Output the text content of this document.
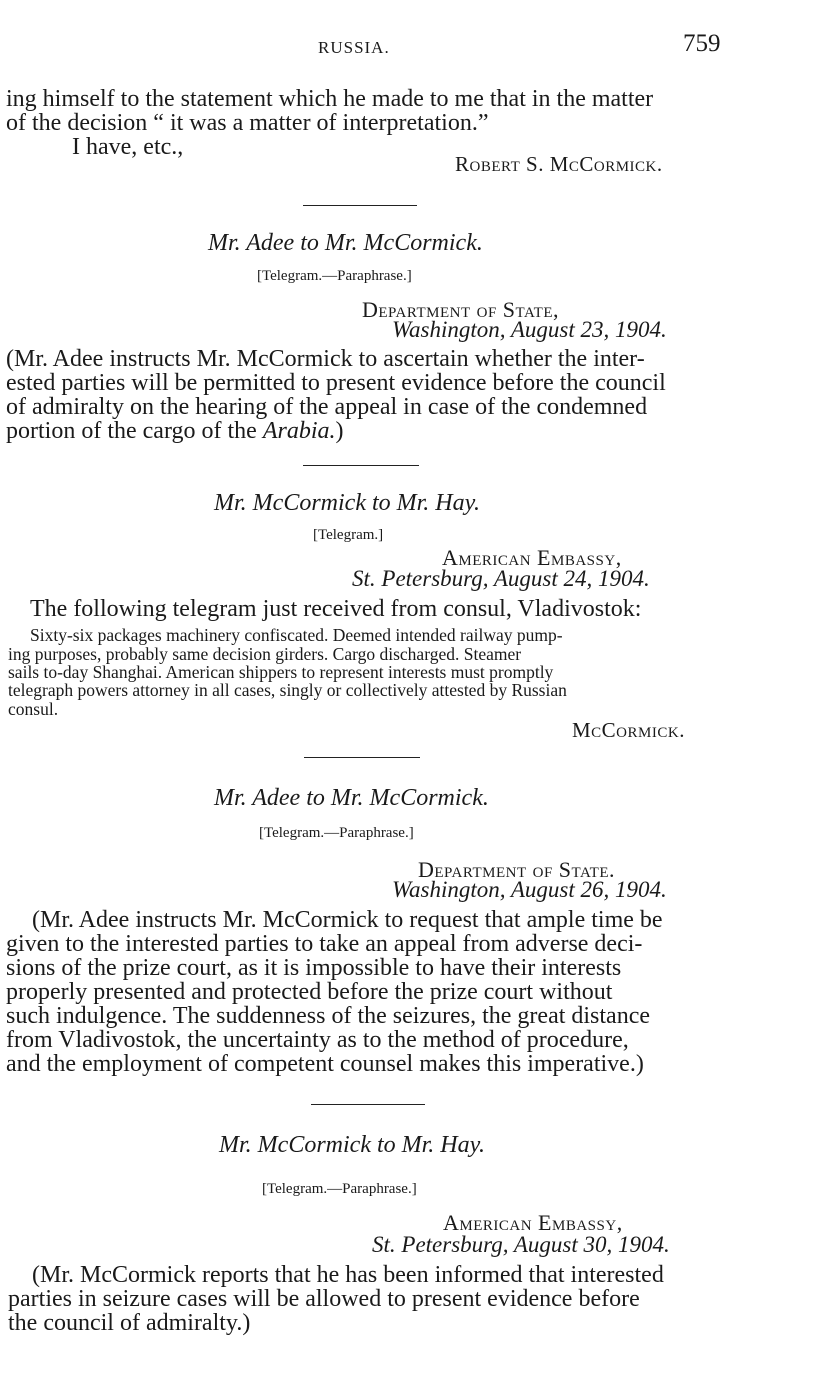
RUSSIA.	759
ing himself to the statement which he made to me that in the matter
of the decision “ it was a matter of interpretation.”
I have, etc.,
Robert S. McCormick.
Mr. Adee to Mr. McCormick.
[Telegram.—Paraphrase.]
Department of State,
Washington, August 23, 1904.
(Mr. Adee instructs Mr. McCormick to ascertain whether the inter-
ested parties will be permitted to present evidence before the council
of admiralty on the hearing of the appeal in case of the condemned
portion of the cargo of the Arabia.)
Mr. McCormick to Mr. Hay.
[Telegram.]
American Embassy,
St. Petersburg, August 24, 1904.
The following telegram just received from consul, Vladivostok:
Sixty-six packages machinery confiscated. Deemed intended railway pump-
ing purposes, probably same decision girders. Cargo discharged. Steamer
sails to-day Shanghai. American shippers to represent interests must promptly
telegraph powers attorney in all cases, singly or collectively attested by Russian
consul.
McCormick.
Mr. Adee to Mr. McCormick.
[Telegram.—Paraphrase.]
Department of State.
Washington, August 26, 1904.
(Mr. Adee instructs Mr. McCormick to request that ample time be
given to the interested parties to take an appeal from adverse deci-
sions of the prize court, as it is impossible to have their interests
properly presented and protected before the prize court without
such indulgence. The suddenness of the seizures, the great distance
from Vladivostok, the uncertainty as to the method of procedure,
and the employment of competent counsel makes this imperative.)
Mr. McCormick to Mr. Hay.
[Telegram.—Paraphrase.]
American Embassy,
St. Petersburg, August 30, 1904.
(Mr. McCormick reports that he has been informed that interested
parties in seizure cases will be allowed to present evidence before
the council of admiralty.)
